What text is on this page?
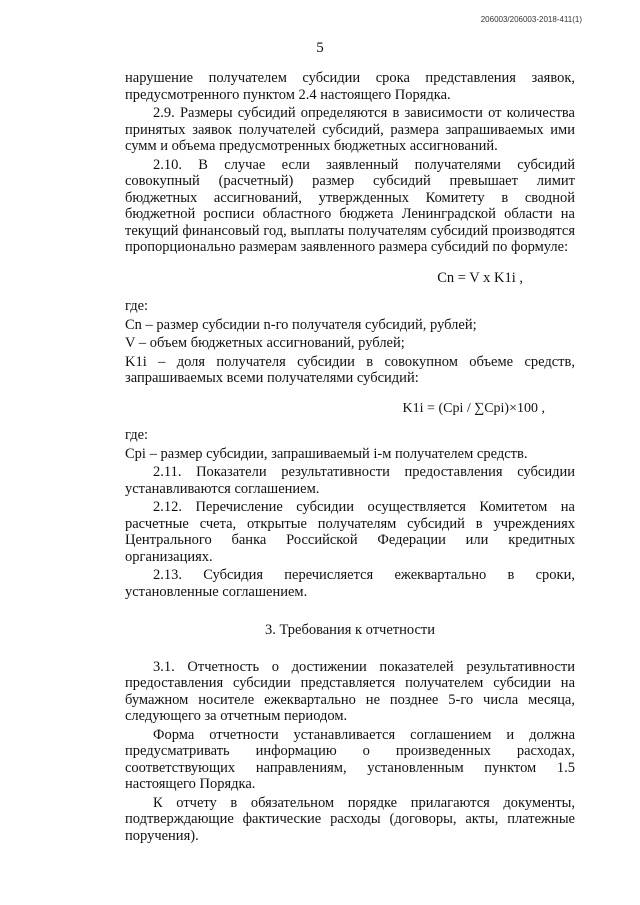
206003/206003-2018-411(1)
5

нарушение получателем субсидии срока представления заявок, предусмотренного пунктом 2.4 настоящего Порядка.

2.9. Размеры субсидий определяются в зависимости от количества принятых заявок получателей субсидий, размера запрашиваемых ими сумм и объема предусмотренных бюджетных ассигнований.

2.10. В случае если заявленный получателями субсидий совокупный (расчетный) размер субсидий превышает лимит бюджетных ассигнований, утвержденных Комитету в сводной бюджетной росписи областного бюджета Ленинградской области на текущий финансовый год, выплаты получателям субсидий производятся пропорционально размерам заявленного размера субсидий по формуле:

Cn = V x K1i ,

где:

Cn – размер субсидии n-го получателя субсидий, рублей;

V – объем бюджетных ассигнований, рублей;

K1i – доля получателя субсидии в совокупном объеме средств, запрашиваемых всеми получателями субсидий:

K1i = (Cpi / ∑Cpi)×100 ,

где:

Cpi – размер субсидии, запрашиваемый i-м получателем средств.

2.11. Показатели результативности предоставления субсидии устанавливаются соглашением.

2.12. Перечисление субсидии осуществляется Комитетом на расчетные счета, открытые получателям субсидий в учреждениях Центрального банка Российской Федерации или кредитных организациях.

2.13. Субсидия перечисляется ежеквартально в сроки, установленные соглашением.

3. Требования к отчетности

3.1. Отчетность о достижении показателей результативности предоставления субсидии представляется получателем субсидии на бумажном носителе ежеквартально не позднее 5-го числа месяца, следующего за отчетным периодом.

Форма отчетности устанавливается соглашением и должна предусматривать информацию о произведенных расходах, соответствующих направлениям, установленным пунктом 1.5 настоящего Порядка.

К отчету в обязательном порядке прилагаются документы, подтверждающие фактические расходы (договоры, акты, платежные поручения).
